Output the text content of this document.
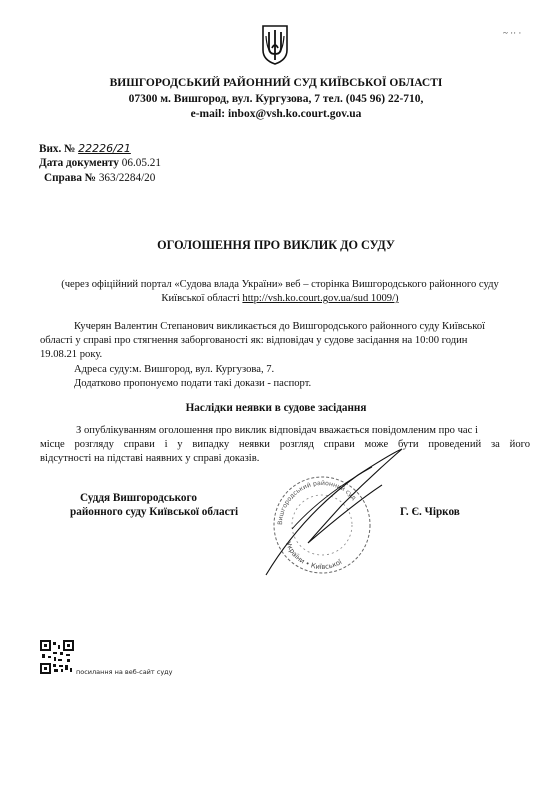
~ ·· ·
ВИШГОРОДСЬКИЙ РАЙОННИЙ СУД КИЇВСЬКОЇ ОБЛАСТІ
07300 м. Вишгород, вул. Кургузова, 7 тел. (045 96) 22-710,
e-mail: inbox@vsh.ko.court.gov.ua
Вих. № 22226/21
Дата документу 06.05.21
Справа № 363/2284/20
ОГОЛОШЕННЯ ПРО ВИКЛИК ДО СУДУ
(через офіційний портал «Судова влада України» веб – сторінка Вишгородського районного суду
Київської області http://vsh.ko.court.gov.ua/sud 1009/)
Кучерян Валентин Степанович викликається до Вишгородського районного суду Київської
області у справі про стягнення заборгованості як: відповідач у судове засідання на 10:00 годин
19.08.21 року.
Адреса суду:м. Вишгород, вул. Кургузова, 7.
Додатково пропонуємо подати такі докази - паспорт.
Наслідки неявки в судове засідання
З опублікуванням оголошення про виклик відповідач вважається повідомленим про час і
місце розгляду справи і у випадку неявки розгляд справи може бути проведений за його
відсутності на підставі наявних у справі доказів.
Суддя Вишгородського
районного суду Київської області	Г. Є. Чірков
Вишгородський районний суд
України • Київської
посилання на веб-сайт суду
